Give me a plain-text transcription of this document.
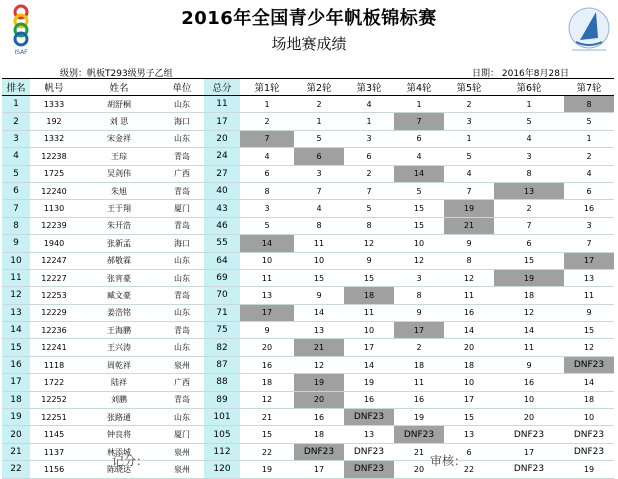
ISAF
2016年全国青少年帆板锦标赛
场地赛成绩
级别：帆板T293级男子乙组	日期： 2016年8月28日
排名	帆号	姓名	单位	总分	第1轮	第2轮	第3轮	第4轮	第5轮	第6轮	第7轮
1	1333	胡舒桐	山东	11	1	2	4	1	2	1	8
2	192	刘 思	海口	17	2	1	1	7	3	5	5
3	1332	宋金祥	山东	20	7	5	3	6	1	4	1
4	12238	王琮	青岛	24	4	6	6	4	5	3	2
5	1725	吴剑伟	广西	27	6	3	2	14	4	8	4
6	12240	朱旭	青岛	40	8	7	7	5	7	13	6
7	1130	王于翔	厦门	43	3	4	5	15	19	2	16
8	12239	朱开浩	青岛	46	5	8	8	15	21	7	3
9	1940	张新孟	海口	55	14	11	12	10	9	6	7
10	12247	郝敬霖	山东	64	10	10	9	12	8	15	17
11	12227	张宵豪	山东	69	11	15	15	3	12	19	13
12	12253	臧文豪	青岛	70	13	9	18	8	11	18	11
13	12229	姜浩铭	山东	71	17	14	11	9	16	12	9
14	12236	王海鹏	青岛	75	9	13	10	17	14	14	15
15	12241	王兴涛	山东	82	20	21	17	2	20	11	12
16	1118	周乾祥	泉州	87	16	12	14	18	18	9	DNF23
17	1722	陆祥	广西	88	18	19	19	11	10	16	14
18	12252	刘鹏	青岛	89	12	20	16	16	17	10	18
19	12251	张路通	山东	101	21	16	DNF23	19	15	20	10
20	1145	钟良将	厦门	105	15	18	13	DNF23	13	DNF23	DNF23
21	1137	林添城	泉州	112	22	DNF23	DNF23	21	6	17	DNF23
22	1156	陈晓达	泉州	120	19	17	DNF23	20	22	DNF23	19
记分：	审核：
